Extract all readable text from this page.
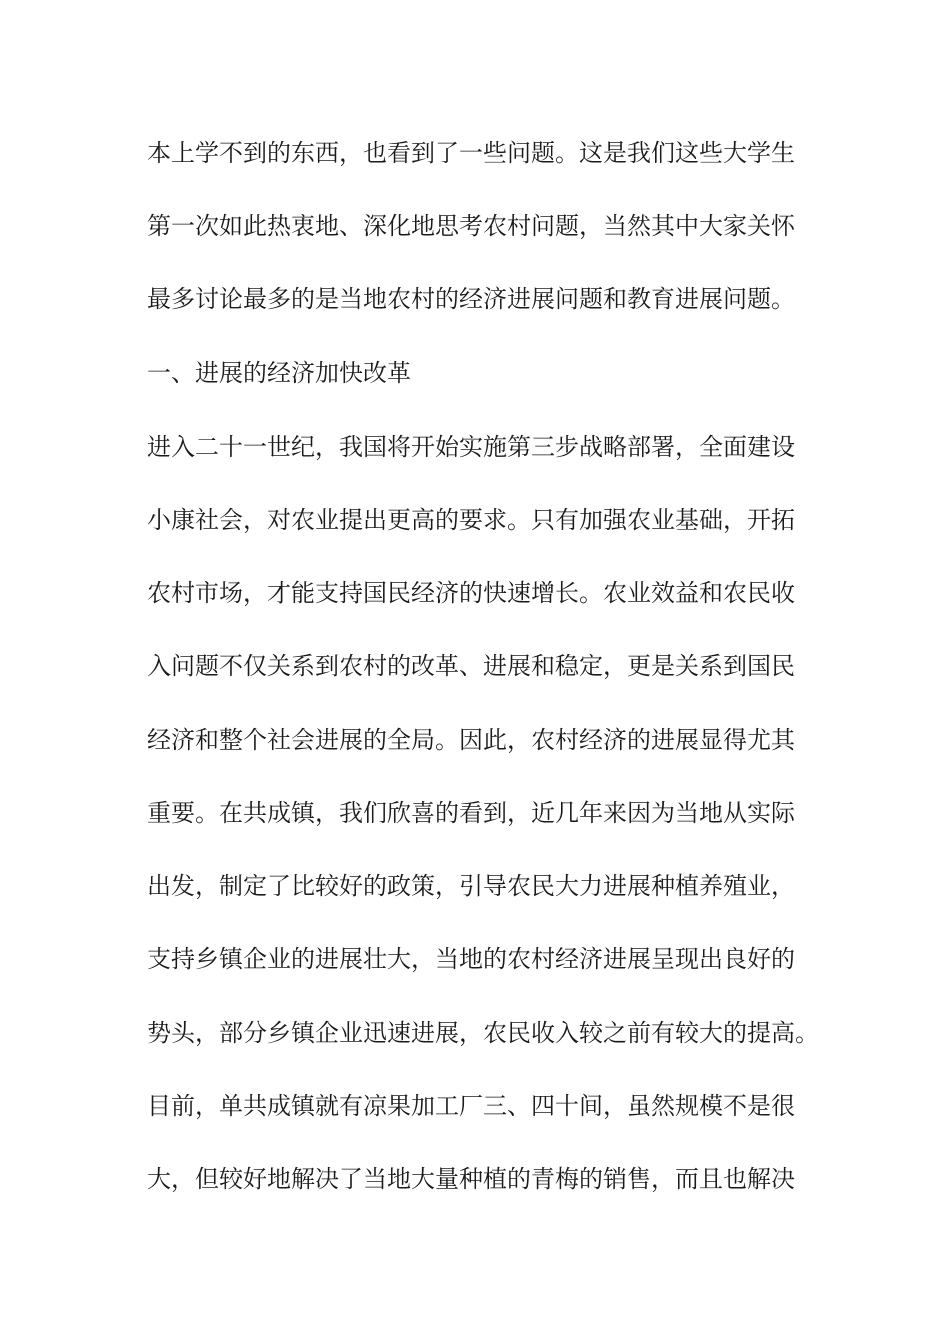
本上学不到的东西，也看到了一些问题。这是我们这些大学生
第一次如此热衷地、深化地思考农村问题，当然其中大家关怀
最多讨论最多的是当地农村的经济进展问题和教育进展问题。
一、进展的经济加快改革
进入二十一世纪，我国将开始实施第三步战略部署，全面建设
小康社会，对农业提出更高的要求。只有加强农业基础，开拓
农村市场，才能支持国民经济的快速增长。农业效益和农民收
入问题不仅关系到农村的改革、进展和稳定，更是关系到国民
经济和整个社会进展的全局。因此，农村经济的进展显得尤其
重要。在共成镇，我们欣喜的看到，近几年来因为当地从实际
出发，制定了比较好的政策，引导农民大力进展种植养殖业，
支持乡镇企业的进展壮大，当地的农村经济进展呈现出良好的
势头，部分乡镇企业迅速进展，农民收入较之前有较大的提高。
目前，单共成镇就有凉果加工厂三、四十间，虽然规模不是很
大，但较好地解决了当地大量种植的青梅的销售，而且也解决
